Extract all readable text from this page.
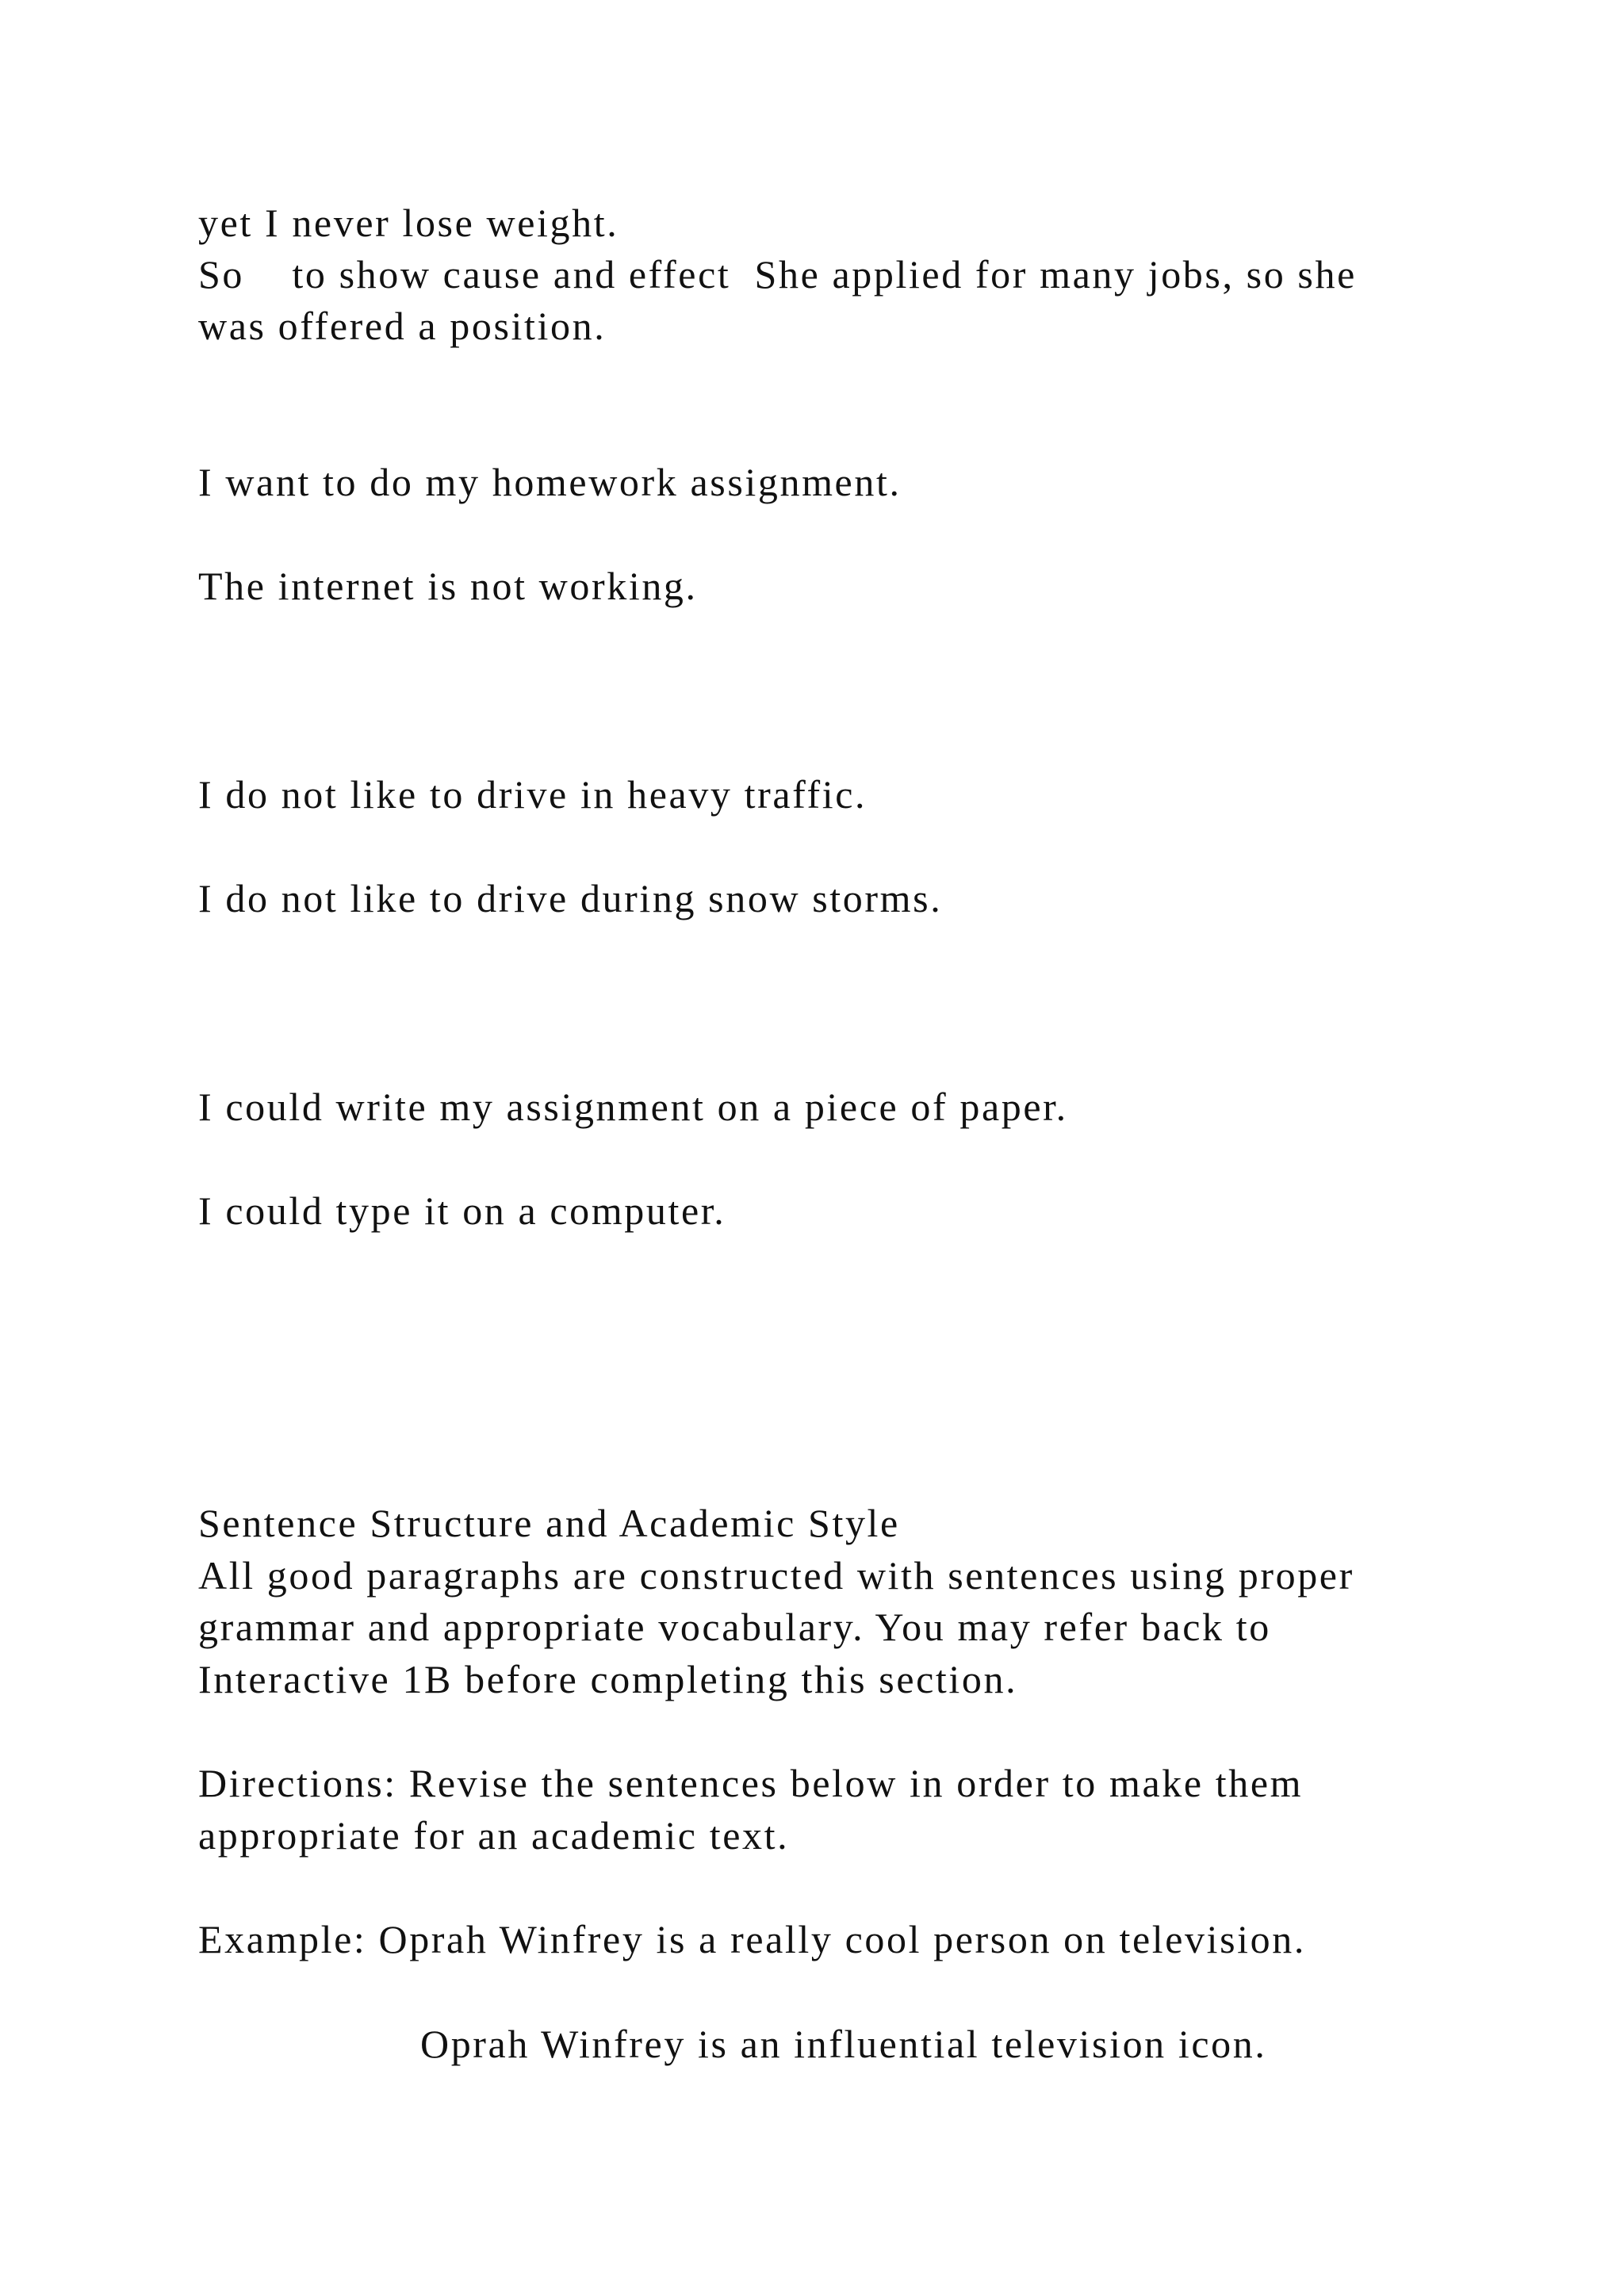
yet I never lose weight.
So    to show cause and effect  She applied for many jobs, so she
was offered a position.
I want to do my homework assignment.
The internet is not working.
I do not like to drive in heavy traffic.
I do not like to drive during snow storms.
I could write my assignment on a piece of paper.
I could type it on a computer.
Sentence Structure and Academic Style
All good paragraphs are constructed with sentences using proper
grammar and appropriate vocabulary. You may refer back to
Interactive 1B before completing this section.
Directions: Revise the sentences below in order to make them
appropriate for an academic text.
Example: Oprah Winfrey is a really cool person on television.
Oprah Winfrey is an influential television icon.
